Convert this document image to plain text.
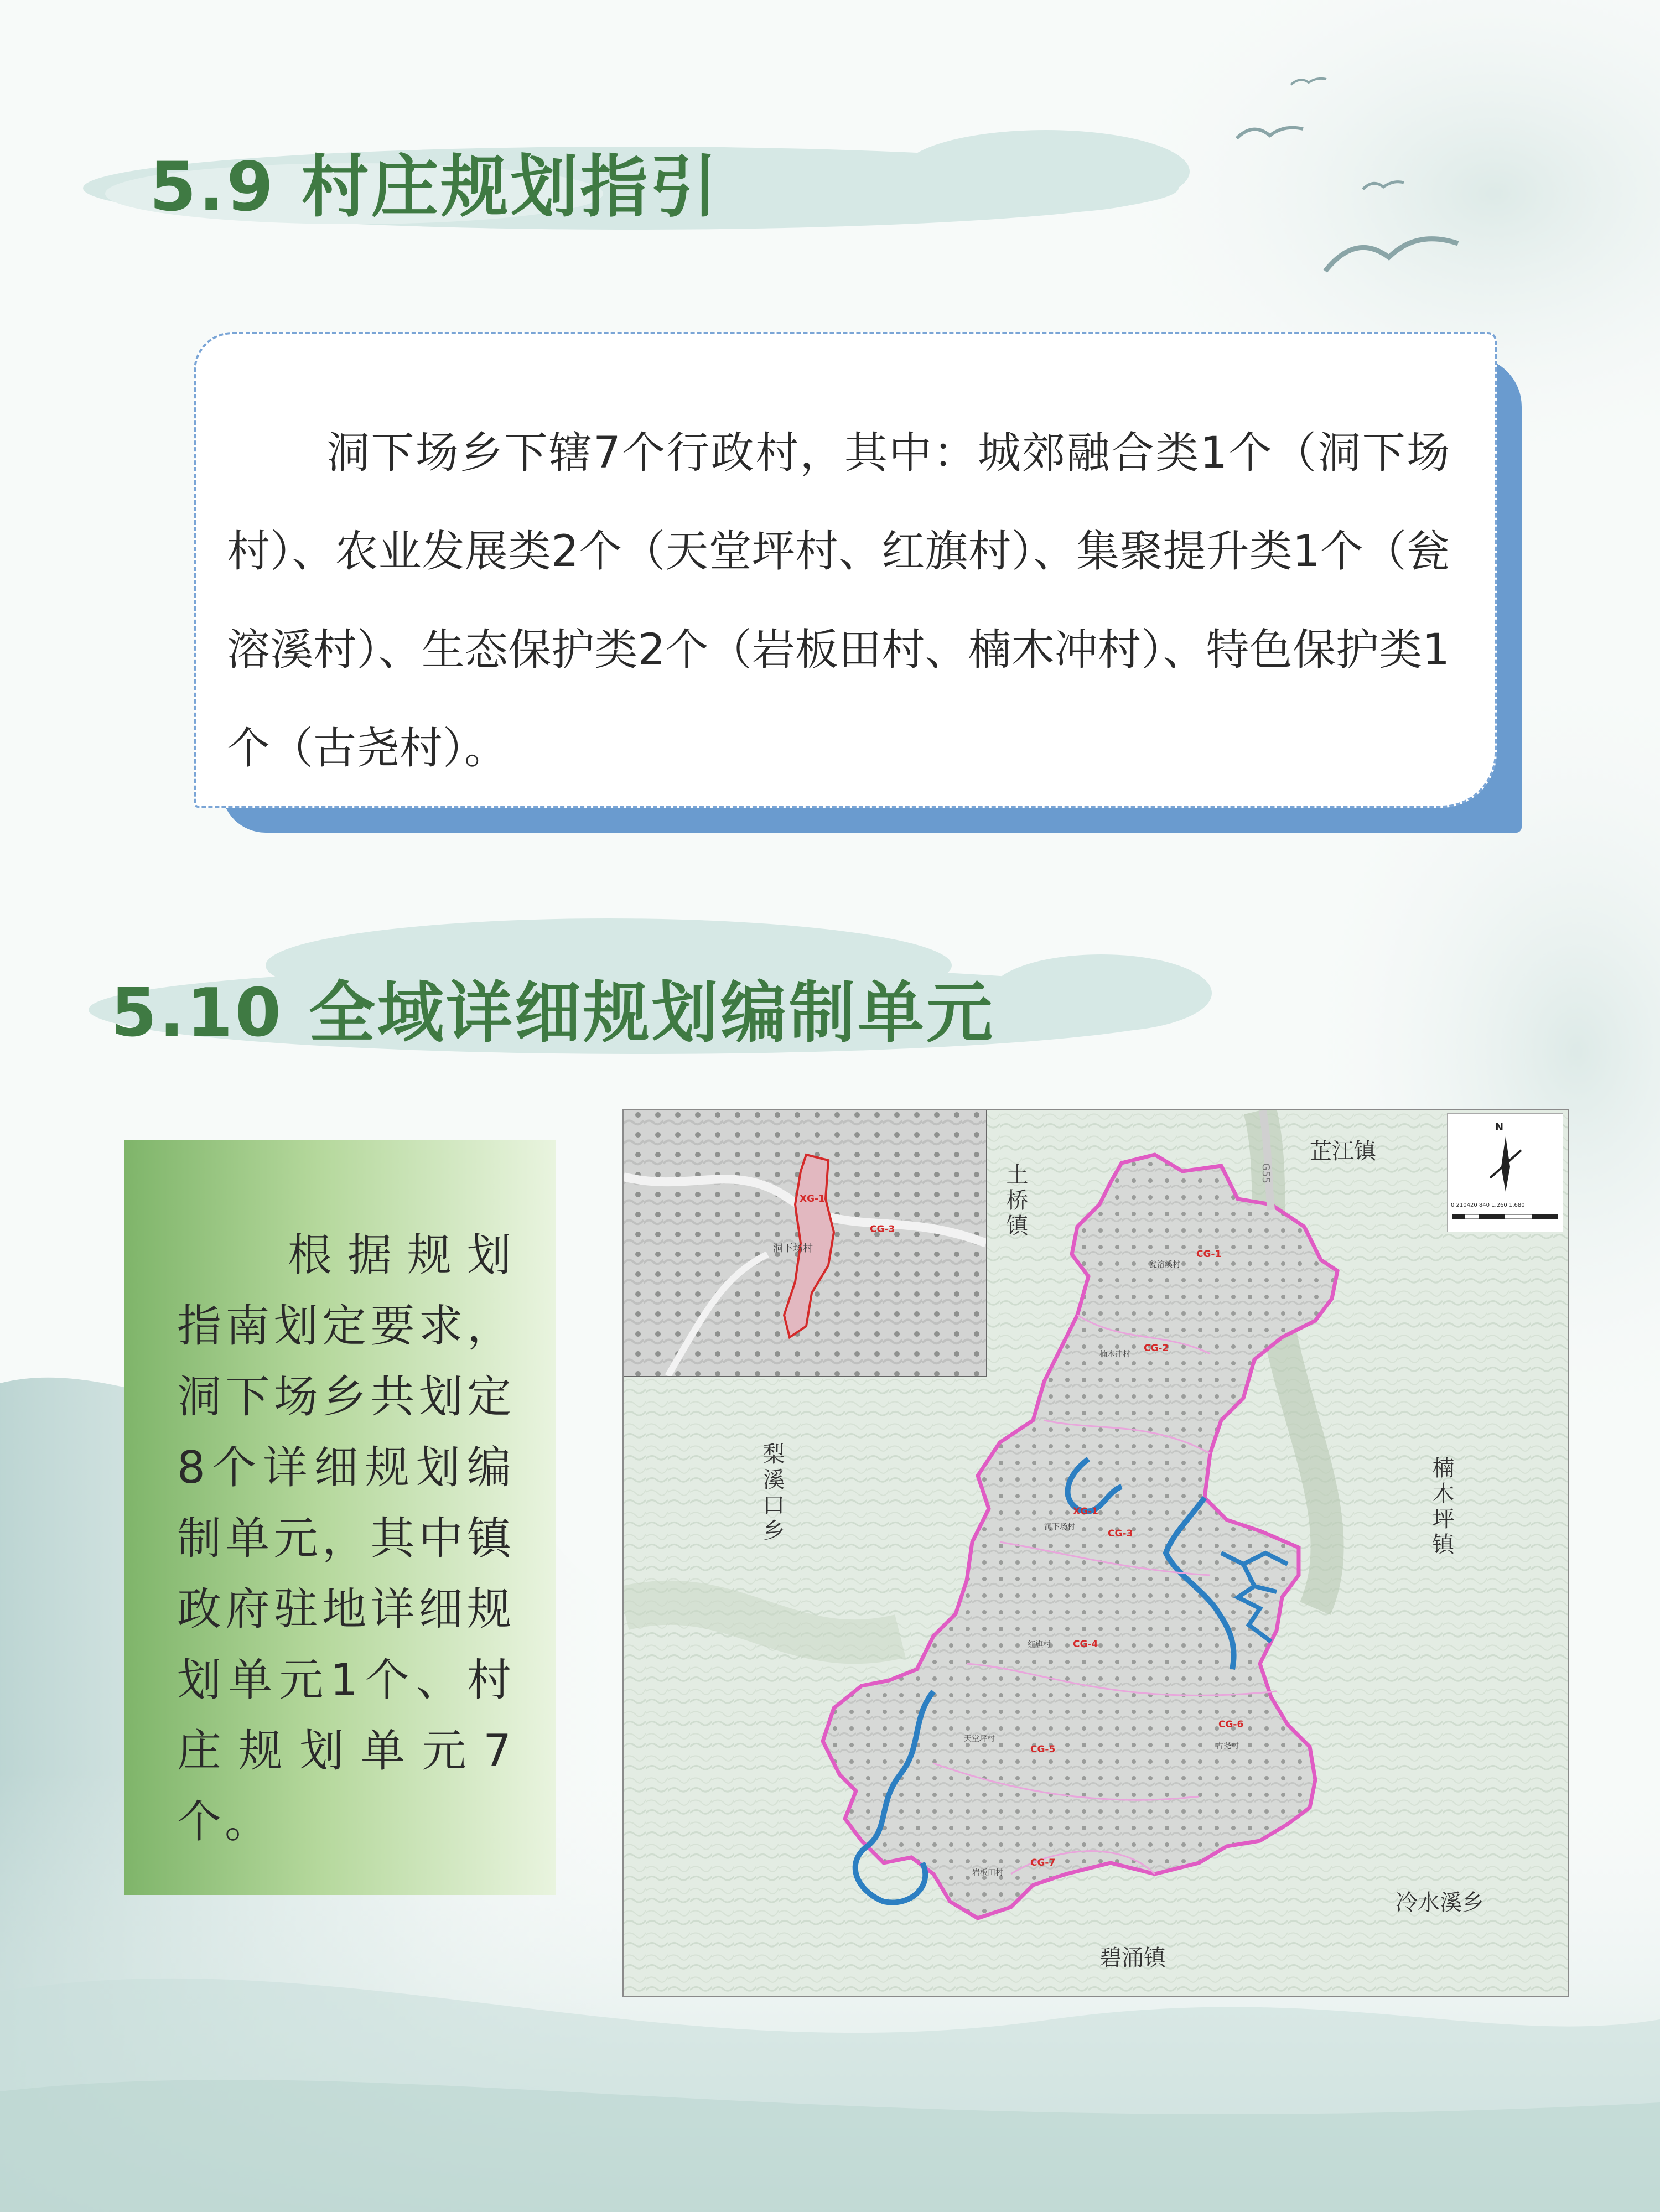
5.9 村庄规划指引
洞下场乡下辖7个行政村，其中：城郊融合类1个（洞下场村）、农业发展类2个（天堂坪村、红旗村）、集聚提升类1个（瓮溶溪村）、生态保护类2个（岩板田村、楠木冲村）、特色保护类1个（古尧村）。
5.10 全域详细规划编制单元
根据规划指南划定要求，洞下场乡共划定8个详细规划编制单元，其中镇政府驻地详细规划单元1个、村庄规划单元7个。
XG-1
CG-3
洞下场村
N
0 210420 840 1,260 1,680
G55
芷江镇
土桥镇
梨溪口乡	楠木坪镇
冷水溪乡
碧涌镇
CG-1
CG-2
XG-1
CG-3
CG-4
CG-5
CG-6
CG-7
瓮溶溪村
楠木冲村
洞下场村
红旗村
天堂坪村
古尧村
岩板田村
